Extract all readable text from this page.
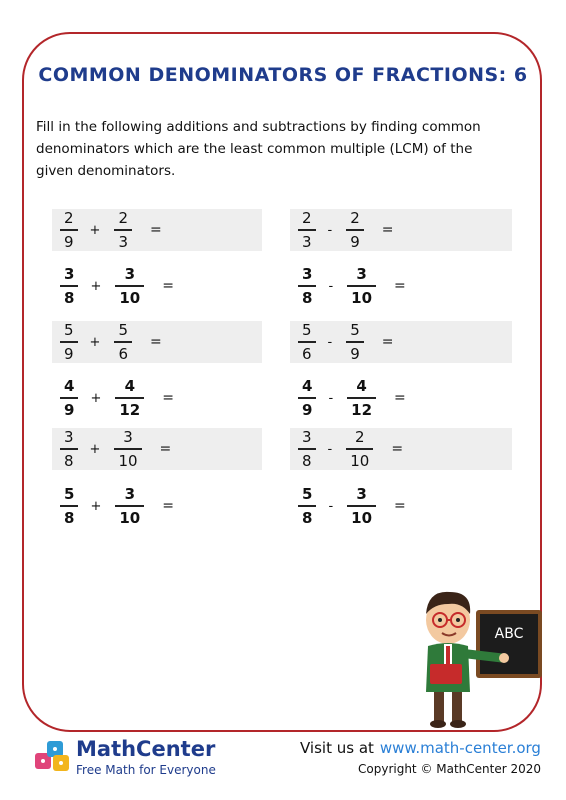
COMMON DENOMINATORS OF FRACTIONS: 6
Fill in the following additions and subtractions by finding common denominators which are the least common multiple (LCM) of the given denominators.
$\frac{2}{9} + \frac{2}{3}$ =	$\frac{2}{3} - \frac{2}{9}$ =
$\frac{3}{8} + \frac{3}{10}$ =	$\frac{3}{8} - \frac{3}{10}$ =
$\frac{5}{9} + \frac{5}{6}$ =	$\frac{5}{6} - \frac{5}{9}$ =
$\frac{4}{9} + \frac{4}{12}$ =	$\frac{4}{9} - \frac{4}{12}$ =
$\frac{3}{8} + \frac{3}{10}$ =	$\frac{3}{8} - \frac{2}{10}$ =
$\frac{5}{8} + \frac{3}{10}$ =	$\frac{5}{8} - \frac{3}{10}$ =
ABC
MathCenter
Free Math for Everyone
Visit us at www.math-center.org
Copyright © MathCenter 2020
